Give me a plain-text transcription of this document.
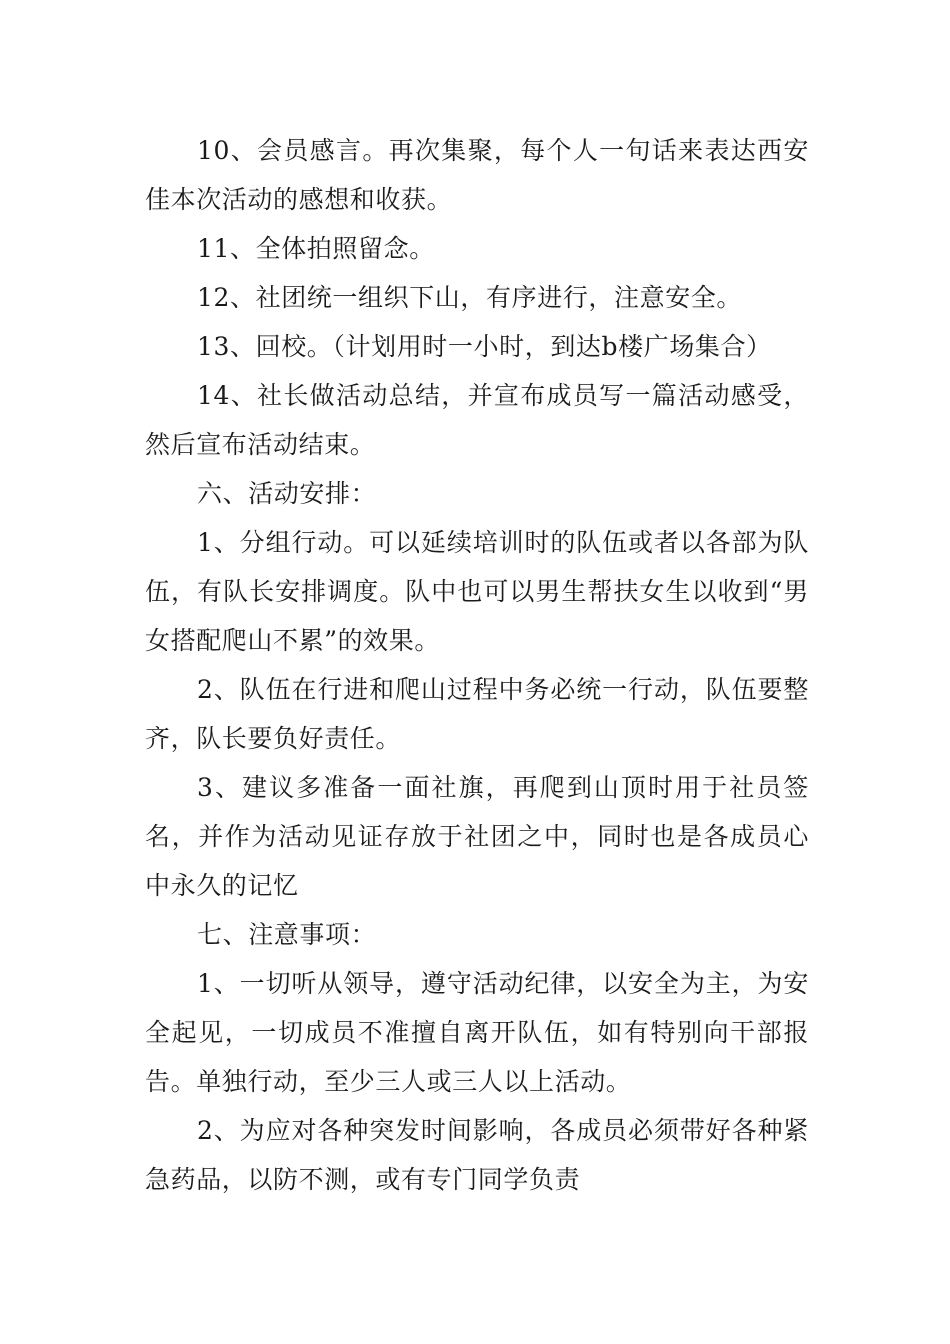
10、会员感言。再次集聚，每个人一句话来表达西安佳本次活动的感想和收获。

11、全体拍照留念。

12、社团统一组织下山，有序进行，注意安全。

13、回校。（计划用时一小时，到达b楼广场集合）

14、社长做活动总结，并宣布成员写一篇活动感受，然后宣布活动结束。

六、活动安排：

1、分组行动。可以延续培训时的队伍或者以各部为队伍，有队长安排调度。队中也可以男生帮扶女生以收到“男女搭配爬山不累”的效果。

2、队伍在行进和爬山过程中务必统一行动，队伍要整齐，队长要负好责任。

3、建议多准备一面社旗，再爬到山顶时用于社员签名，并作为活动见证存放于社团之中，同时也是各成员心中永久的记忆

七、注意事项：

1、一切听从领导，遵守活动纪律，以安全为主，为安全起见，一切成员不准擅自离开队伍，如有特别向干部报告。单独行动，至少三人或三人以上活动。

2、为应对各种突发时间影响，各成员必须带好各种紧急药品，以防不测，或有专门同学负责
